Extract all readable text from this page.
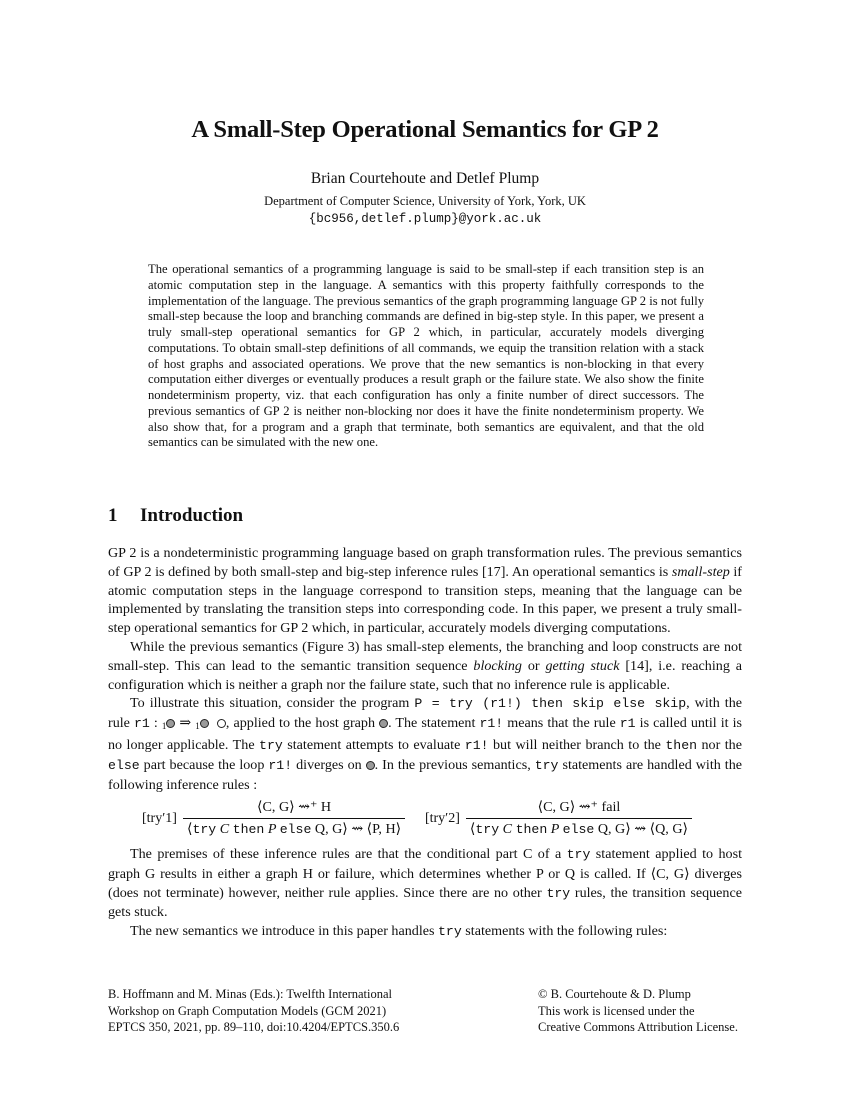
A Small-Step Operational Semantics for GP 2
Brian Courtehoute and Detlef Plump
Department of Computer Science, University of York, York, UK
{bc956,detlef.plump}@york.ac.uk
The operational semantics of a programming language is said to be small-step if each transition step is an atomic computation step in the language. A semantics with this property faithfully corresponds to the implementation of the language. The previous semantics of the graph programming language GP 2 is not fully small-step because the loop and branching commands are defined in big-step style. In this paper, we present a truly small-step operational semantics for GP 2 which, in particular, accurately models diverging computations. To obtain small-step definitions of all commands, we equip the transition relation with a stack of host graphs and associated operations. We prove that the new semantics is non-blocking in that every computation either diverges or eventually produces a result graph or the failure state. We also show the finite nondeterminism property, viz. that each configuration has only a finite number of direct successors. The previous semantics of GP 2 is neither non-blocking nor does it have the finite nondeterminism property. We also show that, for a program and a graph that terminate, both semantics are equivalent, and that the old semantics can be simulated with the new one.
1 Introduction

GP 2 is a nondeterministic programming language based on graph transformation rules. The previous semantics of GP 2 is defined by both small-step and big-step inference rules [17]. An operational semantics is small-step if atomic computation steps in the language correspond to transition steps, meaning that the language can be implemented by translating the transition steps into corresponding code. In this paper, we present a truly small-step operational semantics for GP 2 which, in particular, accurately models diverging computations.

While the previous semantics (Figure 3) has small-step elements, the branching and loop constructs are not small-step. This can lead to the semantic transition sequence blocking or getting stuck [14], i.e. reaching a configuration which is neither a graph nor the failure state, such that no inference rule is applicable.

To illustrate this situation, consider the program P = try (r1!) then skip else skip, with the rule r1 : $_1$ ⇒ $_1$ , applied to the host graph . The statement r1! means that the rule r1 is called until it is no longer applicable. The try statement attempts to evaluate r1! but will neither branch to the then nor the else part because the loop r1! diverges on . In the previous semantics, try statements are handled with the following inference rules :

$[try'1] \frac{⟨C, G⟩ ⇝^+ H}{\text{⟨try C then P else Q, G⟩ ⇝ ⟨P, H⟩}} [try'2] \frac{\text{⟨C, G⟩ ⇝⁺ fail}}{\text{⟨try C then P else Q, G⟩ ⇝ ⟨Q, G⟩}}$

The premises of these inference rules are that the conditional part C of a try statement applied to host graph G results in either a graph H or failure, which determines whether P or Q is called. If ⟨C, G⟩ diverges (does not terminate) however, neither rule applies. Since there are no other try rules, the transition sequence gets stuck.

The new semantics we introduce in this paper handles try statements with the following rules:

B. Hoffmann and M. Minas (Eds.): Twelfth International
Workshop on Graph Computation Models (GCM 2021)
EPTCS 350, 2021, pp. 89–110, doi:10.4204/EPTCS.350.6
© B. Courtehoute & D. Plump
This work is licensed under the
Creative Commons Attribution License.
